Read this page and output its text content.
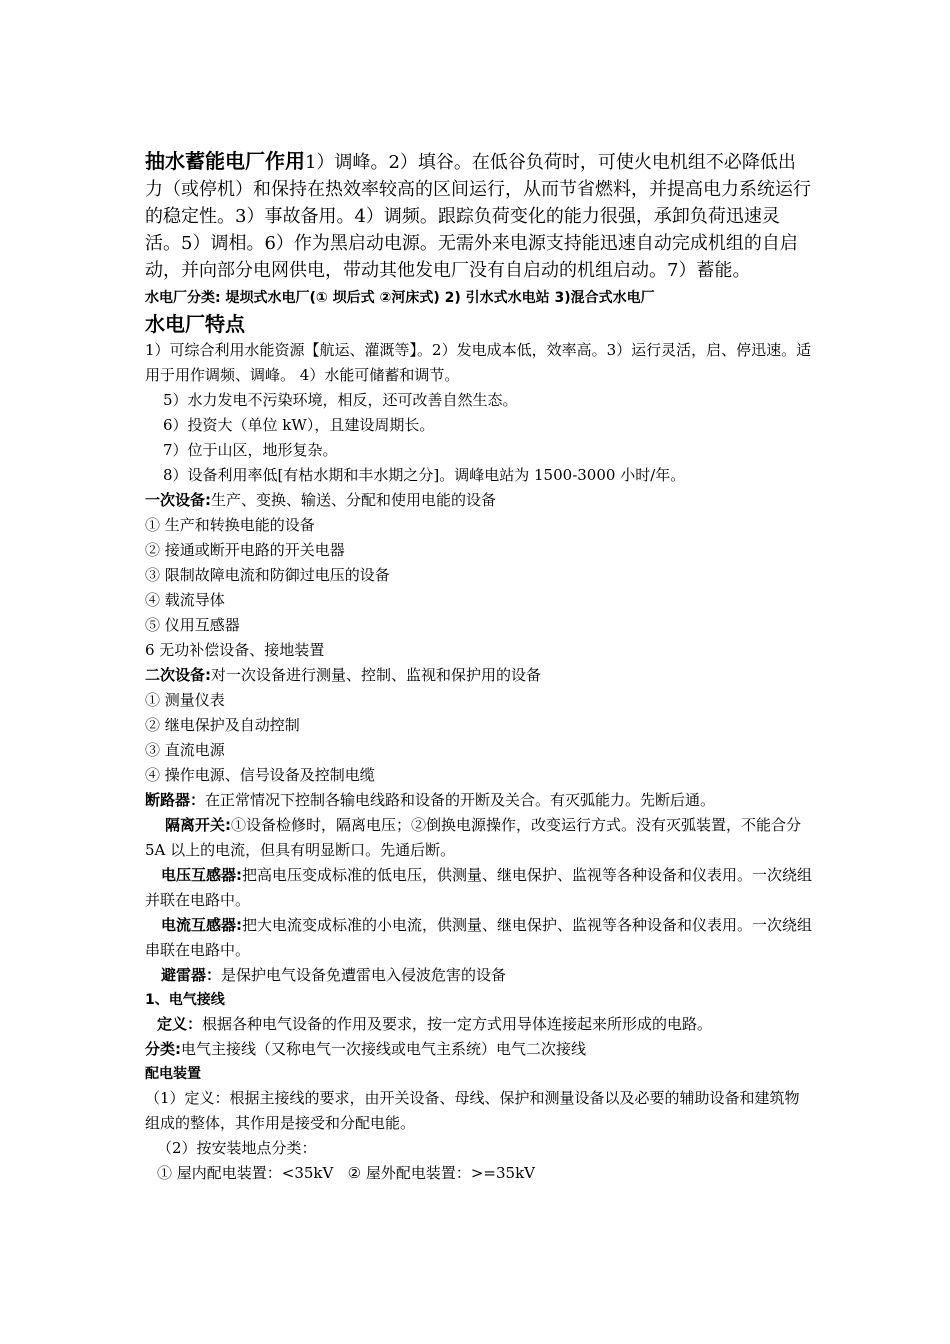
抽水蓄能电厂作用1）调峰。2）填谷。在低谷负荷时，可使火电机组不必降低出力（或停机）和保持在热效率较高的区间运行，从而节省燃料，并提高电力系统运行的稳定性。3）事故备用。4）调频。跟踪负荷变化的能力很强，承卸负荷迅速灵活。5）调相。6）作为黑启动电源。无需外来电源支持能迅速自动完成机组的自启动，并向部分电网供电，带动其他发电厂没有自启动的机组启动。7）蓄能。

水电厂分类: 堤坝式水电厂(① 坝后式 ②河床式) 2) 引水式水电站 3)混合式水电厂

水电厂特点

1）可综合利用水能资源【航运、灌溉等】。2）发电成本低，效率高。3）运行灵活，启、停迅速。适用于用作调频、调峰。 4）水能可储蓄和调节。

5）水力发电不污染环境，相反，还可改善自然生态。

6）投资大（单位 kW），且建设周期长。

7）位于山区，地形复杂。

8）设备利用率低[有枯水期和丰水期之分]。调峰电站为 1500-3000 小时/年。

一次设备:生产、变换、输送、分配和使用电能的设备

① 生产和转换电能的设备

② 接通或断开电路的开关电器

③ 限制故障电流和防御过电压的设备

④ 载流导体

⑤ 仪用互感器

6 无功补偿设备、接地装置

二次设备:对一次设备进行测量、控制、监视和保护用的设备

① 测量仪表

② 继电保护及自动控制

③ 直流电源

④ 操作电源、信号设备及控制电缆

断路器：在正常情况下控制各输电线路和设备的开断及关合。有灭弧能力。先断后通。

隔离开关:①设备检修时，隔离电压；②倒换电源操作，改变运行方式。没有灭弧装置，不能合分 5A 以上的电流，但具有明显断口。先通后断。

电压互感器:把高电压变成标准的低电压，供测量、继电保护、监视等各种设备和仪表用。一次绕组并联在电路中。

电流互感器:把大电流变成标准的小电流，供测量、继电保护、监视等各种设备和仪表用。一次绕组串联在电路中。

避雷器：是保护电气设备免遭雷电入侵波危害的设备

1、电气接线

定义：根据各种电气设备的作用及要求，按一定方式用导体连接起来所形成的电路。

分类:电气主接线（又称电气一次接线或电气主系统）电气二次接线

配电装置

（1）定义：根据主接线的要求，由开关设备、母线、保护和测量设备以及必要的辅助设备和建筑物组成的整体，其作用是接受和分配电能。

（2）按安装地点分类：

① 屋内配电装置：<35kV   ② 屋外配电装置：>=35kV
